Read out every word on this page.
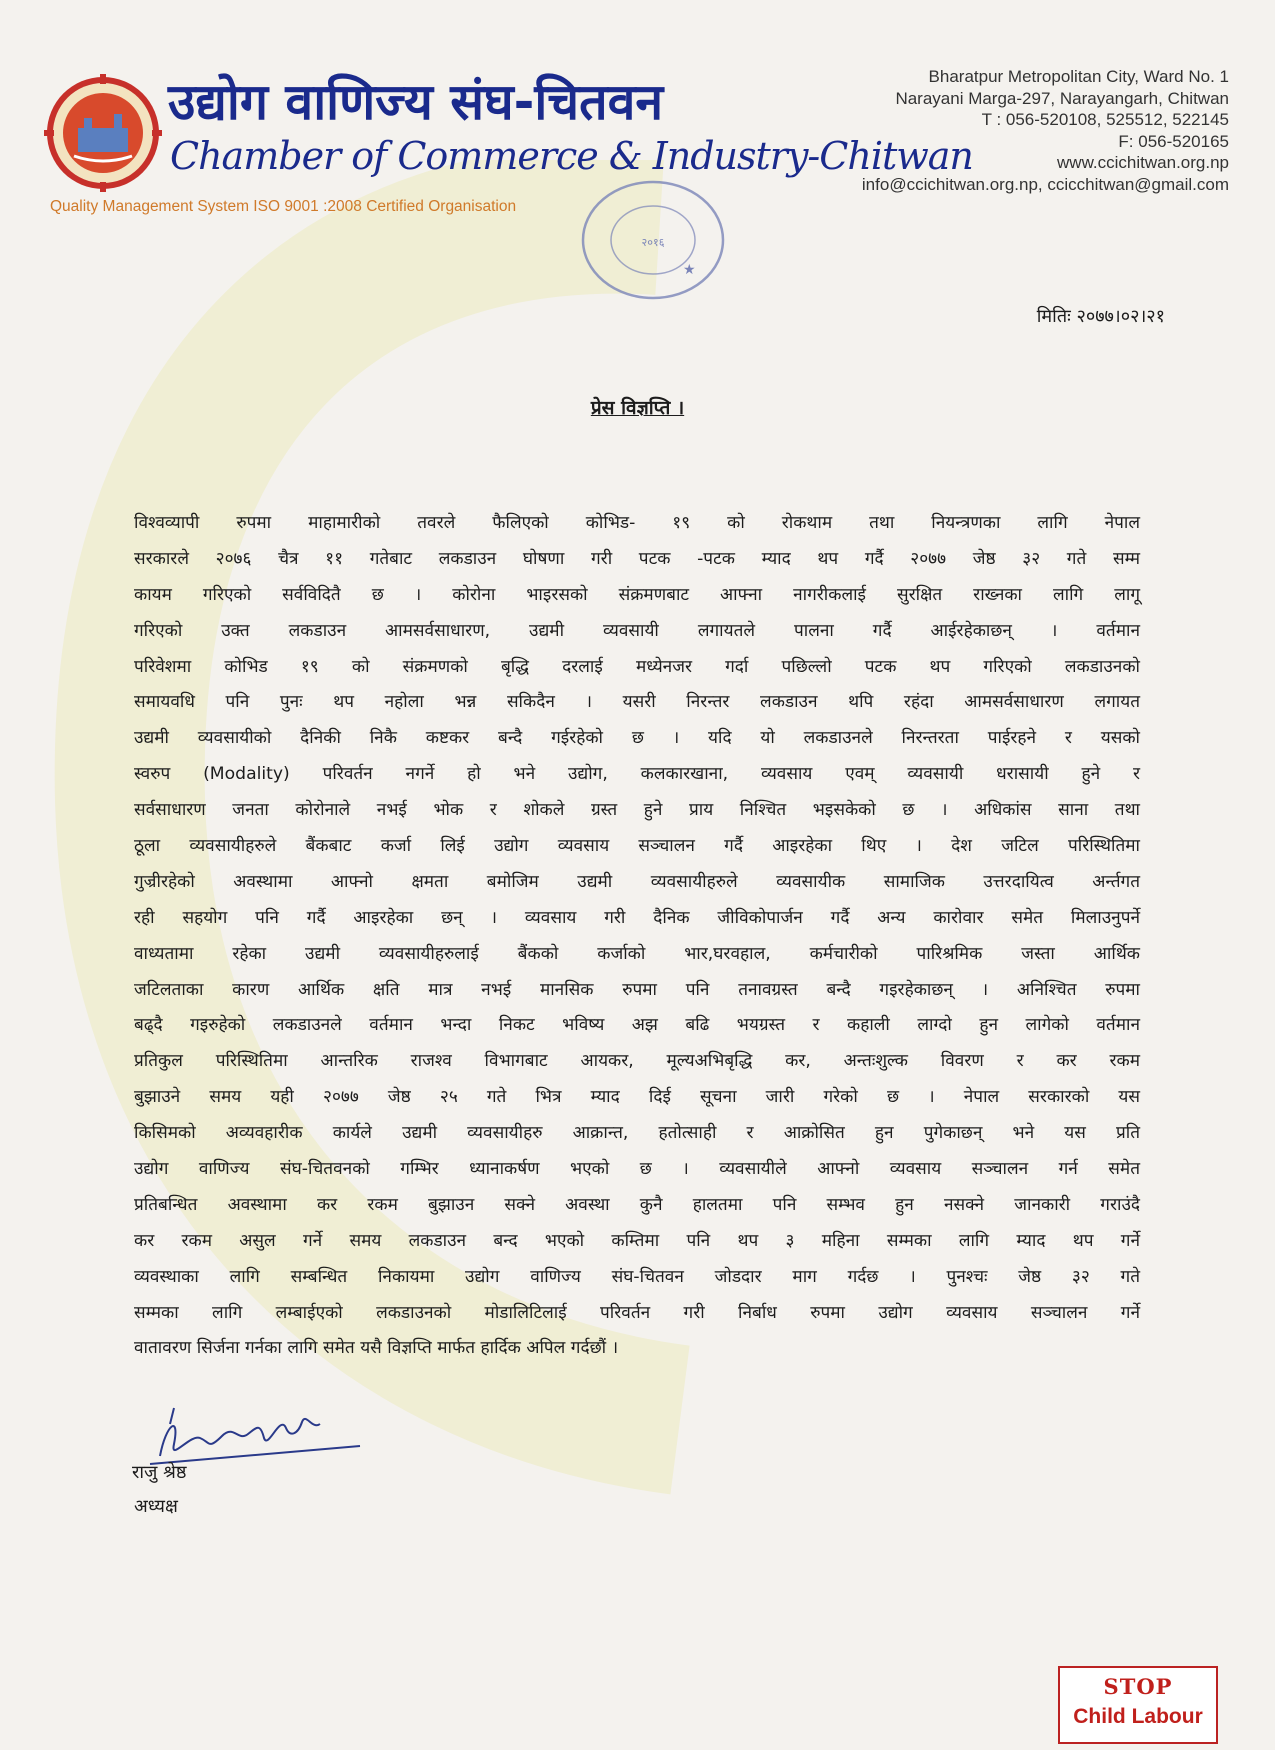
उद्योग वाणिज्य संघ-चितवन
Chamber of Commerce & Industry-Chitwan
Quality Management System ISO 9001 :2008 Certified Organisation
Bharatpur Metropolitan City, Ward No. 1
Narayani Marga-297, Narayangarh, Chitwan
T : 056-520108, 525512, 522145
F: 056-520165
www.ccichitwan.org.np
info@ccichitwan.org.np, ccicchitwan@gmail.com
२०१६
★
मितिः २०७७।०२।२१
प्रेस विज्ञप्ति ।
विश्वव्यापी रुपमा माहामारीको तवरले फैलिएको कोभिड- १९ को रोकथाम तथा नियन्त्रणका लागि नेपाल
सरकारले २०७६ चैत्र ११ गतेबाट लकडाउन घोषणा गरी पटक -पटक म्याद थप गर्दै २०७७ जेष्ठ ३२ गते सम्म
कायम गरिएको सर्वविदितै छ । कोरोना भाइरसको संक्रमणबाट आफ्ना नागरीकलाई सुरक्षित राख्नका लागि लागू
गरिएको उक्त लकडाउन आमसर्वसाधारण, उद्यमी व्यवसायी लगायतले पालना गर्दै आईरहेकाछन् । वर्तमान
परिवेशमा कोभिड १९ को संक्रमणको बृद्धि दरलाई मध्येनजर गर्दा पछिल्लो पटक थप गरिएको लकडाउनको
समायवधि पनि पुनः थप नहोला भन्न सकिदैन । यसरी निरन्तर लकडाउन थपि रहंदा आमसर्वसाधारण लगायत
उद्यमी व्यवसायीको दैनिकी निकै कष्टकर बन्दै गईरहेको छ । यदि यो लकडाउनले निरन्तरता पाईरहने र यसको
स्वरुप (Modality) परिवर्तन नगर्ने हो भने उद्योग, कलकारखाना, व्यवसाय एवम् व्यवसायी धरासायी हुने र
सर्वसाधारण जनता कोरोनाले नभई भोक र शोकले ग्रस्त हुने प्राय निश्चित भइसकेको छ । अधिकांस साना तथा
ठूला व्यवसायीहरुले बैंकबाट कर्जा लिई उद्योग व्यवसाय सञ्चालन गर्दै आइरहेका थिए । देश जटिल परिस्थितिमा
गुज्रीरहेको अवस्थामा आफ्नो क्षमता बमोजिम उद्यमी व्यवसायीहरुले व्यवसायीक सामाजिक उत्तरदायित्व अर्न्तगत
रही सहयोग पनि गर्दै आइरहेका छन् । व्यवसाय गरी दैनिक जीविकोपार्जन गर्दै अन्य कारोवार समेत मिलाउनुपर्ने
वाध्यतामा रहेका उद्यमी व्यवसायीहरुलाई बैंकको कर्जाको भार,घरवहाल, कर्मचारीको पारिश्रमिक जस्ता आर्थिक
जटिलताका कारण आर्थिक क्षति मात्र नभई मानसिक रुपमा पनि तनावग्रस्त बन्दै गइरहेकाछन् । अनिश्चित रुपमा
बढ्दै गइरुहेको लकडाउनले वर्तमान भन्दा निकट भविष्य अझ बढि भयग्रस्त र कहाली लाग्दो हुन लागेको वर्तमान
प्रतिकुल परिस्थितिमा आन्तरिक राजश्व विभागबाट आयकर, मूल्यअभिबृद्धि कर, अन्तःशुल्क विवरण र कर रकम
बुझाउने समय यही २०७७ जेष्ठ २५ गते भित्र म्याद दिई सूचना जारी गरेको छ । नेपाल सरकारको यस
किसिमको अव्यवहारीक कार्यले उद्यमी व्यवसायीहरु आक्रान्त, हतोत्साही र आक्रोसित हुन पुगेकाछन् भने यस प्रति
उद्योग वाणिज्य संघ-चितवनको गम्भिर ध्यानाकर्षण भएको छ । व्यवसायीले आफ्नो व्यवसाय सञ्चालन गर्न समेत
प्रतिबन्धित अवस्थामा कर रकम बुझाउन सक्ने अवस्था कुनै हालतमा पनि सम्भव हुन नसक्ने जानकारी गराउंदै
कर रकम असुल गर्ने समय लकडाउन बन्द भएको कम्तिमा पनि थप ३ महिना सम्मका लागि म्याद थप गर्ने
व्यवस्थाका लागि सम्बन्धित निकायमा उद्योग वाणिज्य संघ-चितवन जोडदार माग गर्दछ । पुनश्चः जेष्ठ ३२ गते
सम्मका लागि लम्बाईएको लकडाउनको मोडालिटिलाई परिवर्तन गरी निर्बाध रुपमा उद्योग व्यवसाय सञ्चालन गर्ने
वातावरण सिर्जना गर्नका लागि समेत यसै विज्ञप्ति मार्फत हार्दिक अपिल गर्दछौं ।
राजु श्रेष्ठ
अध्यक्ष
STOP
Child Labour
